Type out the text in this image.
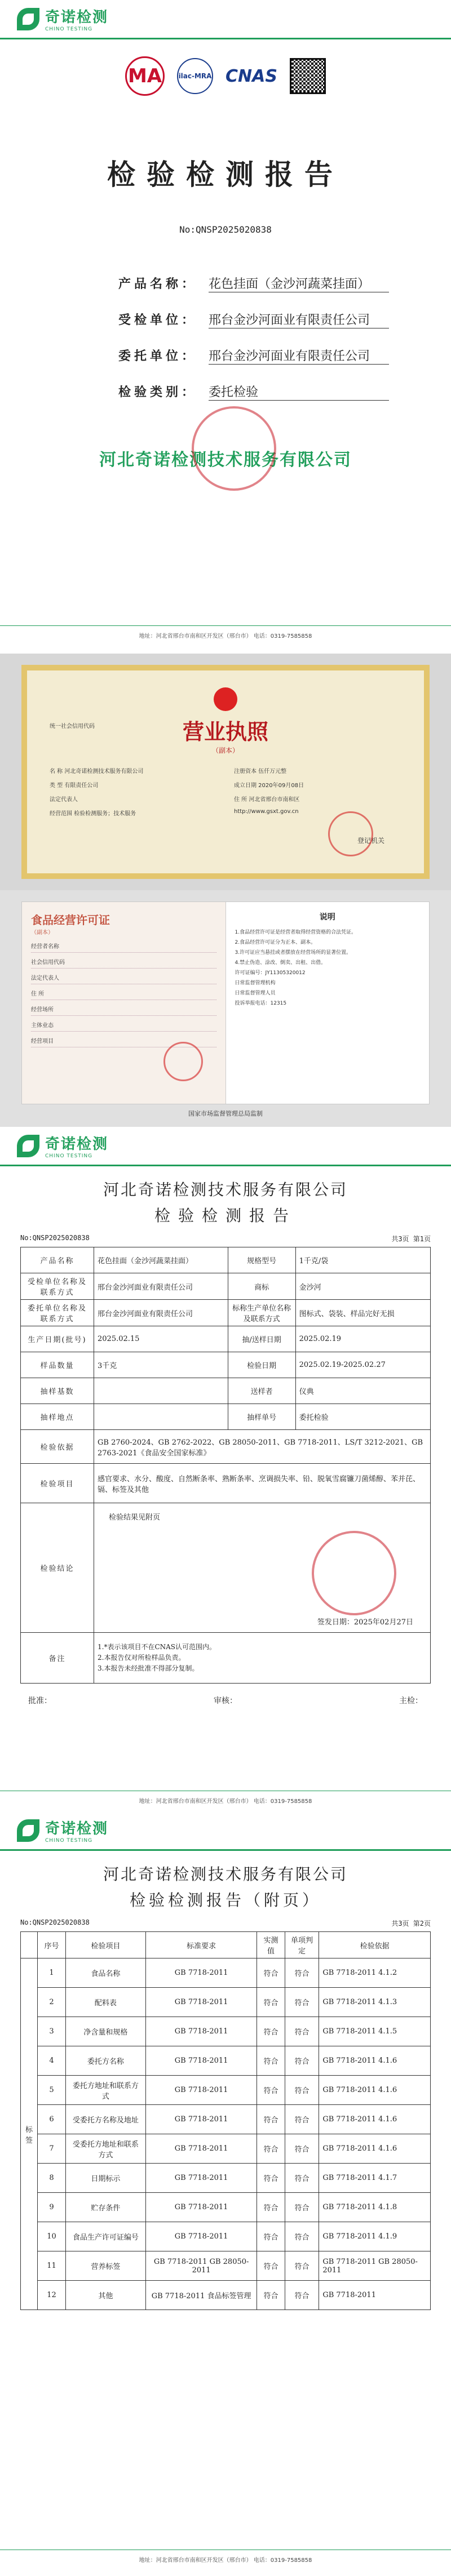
奇诺检测
CHINO TESTING
MA	ilac-MRA CNAS
检验检测报告
No:QNSP2025020838
产品名称： 花色挂面（金沙河蔬菜挂面）
受检单位： 邢台金沙河面业有限责任公司
委托单位： 邢台金沙河面业有限责任公司
检验类别： 委托检验
河北奇诺检测技术服务有限公司
地址：河北省邢台市南和区开发区（邢台市） 电话：0319-7585858
营业执照
（副本）
统一社会信用代码
名 称 河北奇诺检测技术服务有限公司	注册资本 伍仟万元整
类 型 有限责任公司	成立日期 2020年09月08日
法定代表人	住 所 河北省邢台市南和区
经营范围 检验检测服务；技术服务	http://www.gsxt.gov.cn
登记机关
食品经营许可证
（副本）
经营者名称
社会信用代码
法定代表人
住 所
经营场所
主体业态
经营项目
说明
1.食品经营许可证是经营者取得经营资格的合法凭证。
2.食品经营许可证分为正本、副本。
3.许可证应当悬挂或者摆放在经营场所的显著位置。
4.禁止伪造、涂改、倒卖、出租、出借。
许可证编号：JY11305320012
日常监督管理机构
日常监督管理人员
投诉举报电话：12315
国家市场监督管理总局监制
奇诺检测
CHINO TESTING
河北奇诺检测技术服务有限公司
检验检测报告
No:QNSP2025020838	共3页 第1页
产品名称	花色挂面（金沙河蔬菜挂面）	规格型号	1千克/袋
受检单位名称及联系方式	邢台金沙河面业有限责任公司	商标	金沙河
委托单位名称及联系方式	邢台金沙河面业有限责任公司	标称生产单位名称及联系方式	图标式、袋装、样品完好无损
生产日期(批号)	2025.02.15	抽/送样日期	2025.02.19
样品数量	3千克	检验日期	2025.02.19-2025.02.27
抽样基数		送样者	仪典
抽样地点		抽样单号	委托检验
检验依据	GB 2760-2024、GB 2762-2022、GB 28050-2011、GB 7718-2011、LS/T 3212-2021、GB 2763-2021《食品安全国家标准》		
检验项目	感官要求、水分、酸度、自然断条率、熟断条率、烹调损失率、铅、脱氧雪腐镰刀菌烯醇、苯并芘、镉、标签及其他		
检验结论	检验结果见附页
签发日期：2025年02月27日		

备注	1.*表示该项目不在CNAS认可范围内。
2.本报告仅对所检样品负责。
3.本报告未经批准不得部分复制。		
批准：	审核：	主检：
地址：河北省邢台市南和区开发区（邢台市） 电话：0319-7585858
奇诺检测
CHINO TESTING
河北奇诺检测技术服务有限公司
检验检测报告（附页）
No:QNSP2025020838	共3页 第2页
	序号	检验项目	标准要求	实测值	单项判定	检验依据
标签	1	食品名称	GB 7718-2011	符合	符合	GB 7718-2011 4.1.2
	2	配料表	GB 7718-2011	符合	符合	GB 7718-2011 4.1.3
	3	净含量和规格	GB 7718-2011	符合	符合	GB 7718-2011 4.1.5
	4	委托方名称	GB 7718-2011	符合	符合	GB 7718-2011 4.1.6
	5	委托方地址和联系方式	GB 7718-2011	符合	符合	GB 7718-2011 4.1.6
	6	受委托方名称及地址	GB 7718-2011	符合	符合	GB 7718-2011 4.1.6
	7	受委托方地址和联系方式	GB 7718-2011	符合	符合	GB 7718-2011 4.1.6
	8	日期标示	GB 7718-2011	符合	符合	GB 7718-2011 4.1.7
	9	贮存条件	GB 7718-2011	符合	符合	GB 7718-2011 4.1.8
	10	食品生产许可证编号	GB 7718-2011	符合	符合	GB 7718-2011 4.1.9
	11	营养标签	GB 7718-2011 GB 28050-2011	符合	符合	GB 7718-2011 GB 28050-2011
	12	其他	GB 7718-2011 食品标签管理	符合	符合	GB 7718-2011
地址：河北省邢台市南和区开发区（邢台市） 电话：0319-7585858
